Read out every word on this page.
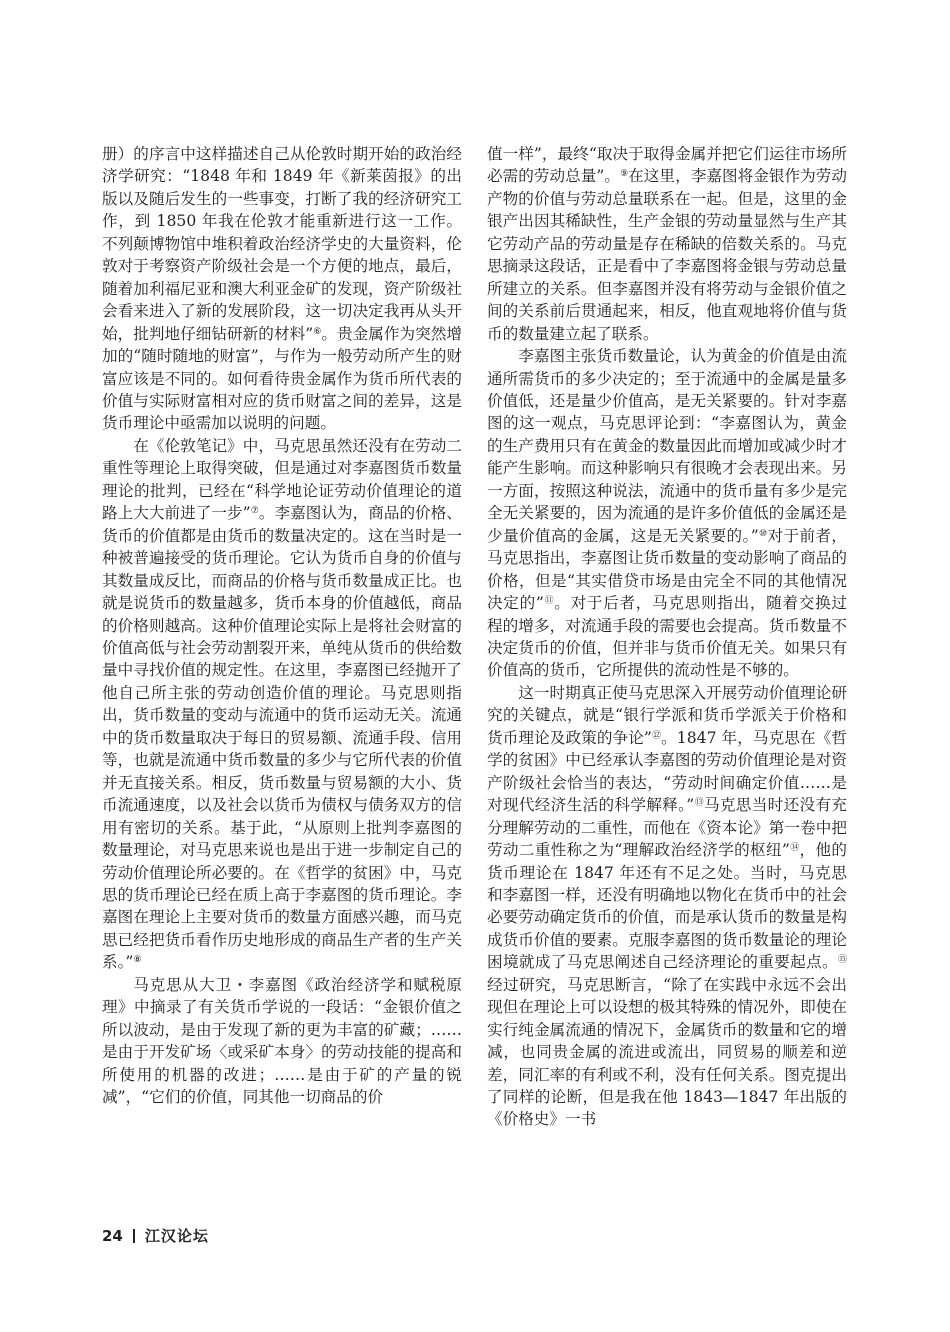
册）的序言中这样描述自己从伦敦时期开始的政治经济学研究：“1848 年和 1849 年《新莱茵报》的出版以及随后发生的一些事变，打断了我的经济研究工作，到 1850 年我在伦敦才能重新进行这一工作。不列颠博物馆中堆积着政治经济学史的大量资料，伦敦对于考察资产阶级社会是一个方便的地点，最后，随着加利福尼亚和澳大利亚金矿的发现，资产阶级社会看来进入了新的发展阶段，这一切决定我再从头开始，批判地仔细钻研新的材料”⑥。贵金属作为突然增加的“随时随地的财富”，与作为一般劳动所产生的财富应该是不同的。如何看待贵金属作为货币所代表的价值与实际财富相对应的货币财富之间的差异，这是货币理论中亟需加以说明的问题。

在《伦敦笔记》中，马克思虽然还没有在劳动二重性等理论上取得突破，但是通过对李嘉图货币数量理论的批判，已经在“科学地论证劳动价值理论的道路上大大前进了一步”⑦。李嘉图认为，商品的价格、货币的价值都是由货币的数量决定的。这在当时是一种被普遍接受的货币理论。它认为货币自身的价值与其数量成反比，而商品的价格与货币数量成正比。也就是说货币的数量越多，货币本身的价值越低，商品的价格则越高。这种价值理论实际上是将社会财富的价值高低与社会劳动割裂开来，单纯从货币的供给数量中寻找价值的规定性。在这里，李嘉图已经抛开了他自己所主张的劳动创造价值的理论。马克思则指出，货币数量的变动与流通中的货币运动无关。流通中的货币数量取决于每日的贸易额、流通手段、信用等，也就是流通中货币数量的多少与它所代表的价值并无直接关系。相反，货币数量与贸易额的大小、货币流通速度，以及社会以货币为债权与债务双方的信用有密切的关系。基于此，“从原则上批判李嘉图的数量理论，对马克思来说也是出于进一步制定自己的劳动价值理论所必要的。在《哲学的贫困》中，马克思的货币理论已经在质上高于李嘉图的货币理论。李嘉图在理论上主要对货币的数量方面感兴趣，而马克思已经把货币看作历史地形成的商品生产者的生产关系。”⑧

马克思从大卫・李嘉图《政治经济学和赋税原理》中摘录了有关货币学说的一段话：“金银价值之所以波动，是由于发现了新的更为丰富的矿藏；……是由于开发矿场〈或采矿本身〉的劳动技能的提高和所使用的机器的改进；……是由于矿的产量的锐减”，“它们的价值，同其他一切商品的价

值一样”，最终“取决于取得金属并把它们运往市场所必需的劳动总量”。⑨在这里，李嘉图将金银作为劳动产物的价值与劳动总量联系在一起。但是，这里的金银产出因其稀缺性，生产金银的劳动量显然与生产其它劳动产品的劳动量是存在稀缺的倍数关系的。马克思摘录这段话，正是看中了李嘉图将金银与劳动总量所建立的关系。但李嘉图并没有将劳动与金银价值之间的关系前后贯通起来，相反，他直观地将价值与货币的数量建立起了联系。

李嘉图主张货币数量论，认为黄金的价值是由流通所需货币的多少决定的；至于流通中的金属是量多价值低，还是量少价值高，是无关紧要的。针对李嘉图的这一观点，马克思评论到：“李嘉图认为，黄金的生产费用只有在黄金的数量因此而增加或减少时才能产生影响。而这种影响只有很晚才会表现出来。另一方面，按照这种说法，流通中的货币量有多少是完全无关紧要的，因为流通的是许多价值低的金属还是少量价值高的金属，这是无关紧要的。”⑩对于前者，马克思指出，李嘉图让货币数量的变动影响了商品的价格，但是“其实借贷市场是由完全不同的其他情况决定的”⑪。对于后者，马克思则指出，随着交换过程的增多，对流通手段的需要也会提高。货币数量不决定货币的价值，但并非与货币价值无关。如果只有价值高的货币，它所提供的流动性是不够的。

这一时期真正使马克思深入开展劳动价值理论研究的关键点，就是“银行学派和货币学派关于价格和货币理论及政策的争论”⑫。1847 年，马克思在《哲学的贫困》中已经承认李嘉图的劳动价值理论是对资产阶级社会恰当的表达，“劳动时间确定价值……是对现代经济生活的科学解释。”⑬马克思当时还没有充分理解劳动的二重性，而他在《资本论》第一卷中把劳动二重性称之为“理解政治经济学的枢纽”⑭，他的货币理论在 1847 年还有不足之处。当时，马克思和李嘉图一样，还没有明确地以物化在货币中的社会必要劳动确定货币的价值，而是承认货币的数量是构成货币价值的要素。克服李嘉图的货币数量论的理论困境就成了马克思阐述自己经济理论的重要起点。⑮经过研究，马克思断言，“除了在实践中永远不会出现但在理论上可以设想的极其特殊的情况外，即使在实行纯金属流通的情况下，金属货币的数量和它的增减，也同贵金属的流进或流出，同贸易的顺差和逆差，同汇率的有利或不利，没有任何关系。图克提出了同样的论断，但是我在他 1843—1847 年出版的《价格史》一书

24 江汉论坛
